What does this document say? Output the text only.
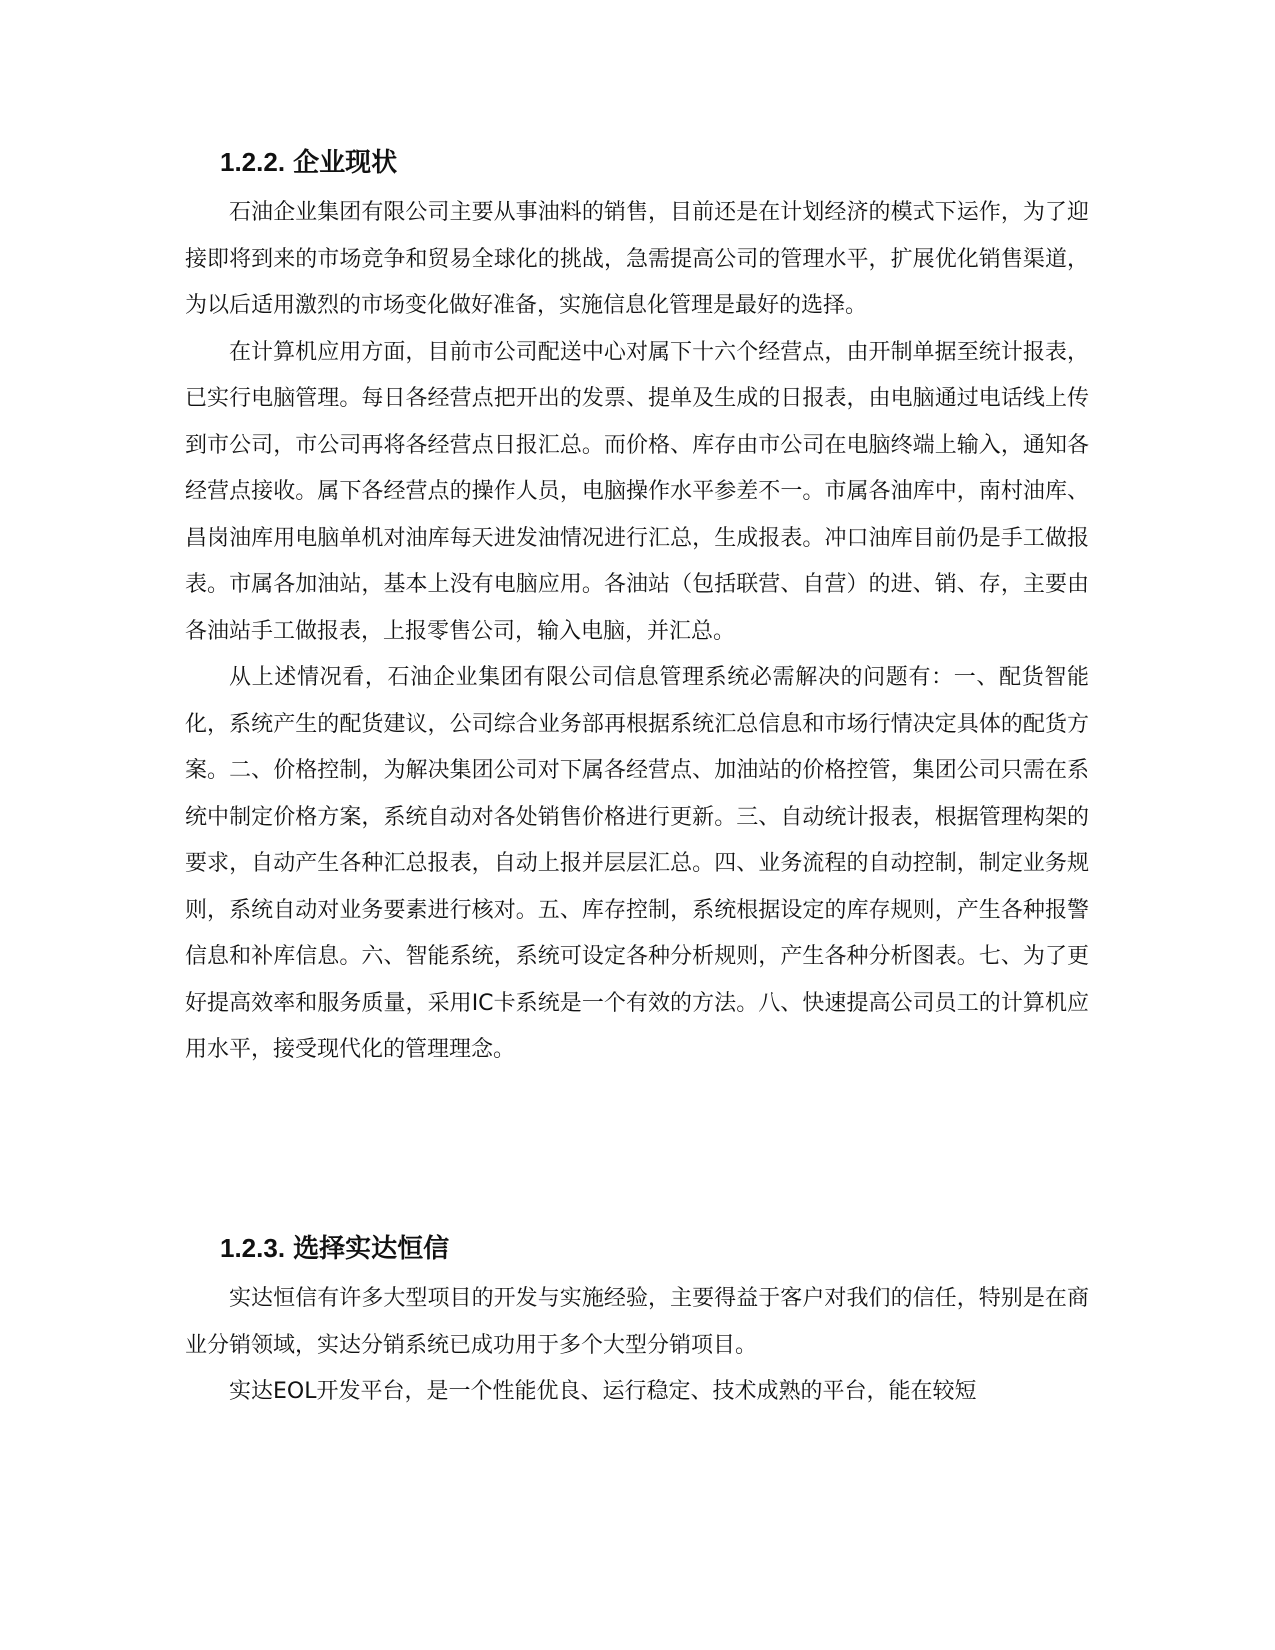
1.2.2. 企业现状

石油企业集团有限公司主要从事油料的销售，目前还是在计划经济的模式下运作，为了迎接即将到来的市场竞争和贸易全球化的挑战，急需提高公司的管理水平，扩展优化销售渠道，为以后适用激烈的市场变化做好准备，实施信息化管理是最好的选择。

在计算机应用方面，目前市公司配送中心对属下十六个经营点，由开制单据至统计报表，已实行电脑管理。每日各经营点把开出的发票、提单及生成的日报表，由电脑通过电话线上传到市公司，市公司再将各经营点日报汇总。而价格、库存由市公司在电脑终端上输入，通知各经营点接收。属下各经营点的操作人员，电脑操作水平参差不一。市属各油库中，南村油库、昌岗油库用电脑单机对油库每天进发油情况进行汇总，生成报表。冲口油库目前仍是手工做报表。市属各加油站，基本上没有电脑应用。各油站（包括联营、自营）的进、销、存，主要由各油站手工做报表，上报零售公司，输入电脑，并汇总。

从上述情况看，石油企业集团有限公司信息管理系统必需解决的问题有：一、配货智能化，系统产生的配货建议，公司综合业务部再根据系统汇总信息和市场行情决定具体的配货方案。二、价格控制，为解决集团公司对下属各经营点、加油站的价格控管，集团公司只需在系统中制定价格方案，系统自动对各处销售价格进行更新。三、自动统计报表，根据管理构架的要求，自动产生各种汇总报表，自动上报并层层汇总。四、业务流程的自动控制，制定业务规则，系统自动对业务要素进行核对。五、库存控制，系统根据设定的库存规则，产生各种报警信息和补库信息。六、智能系统，系统可设定各种分析规则，产生各种分析图表。七、为了更好提高效率和服务质量，采用IC卡系统是一个有效的方法。八、快速提高公司员工的计算机应用水平，接受现代化的管理理念。

1.2.3. 选择实达恒信

实达恒信有许多大型项目的开发与实施经验，主要得益于客户对我们的信任，特别是在商业分销领域，实达分销系统已成功用于多个大型分销项目。

实达EOL开发平台，是一个性能优良、运行稳定、技术成熟的平台，能在较短
